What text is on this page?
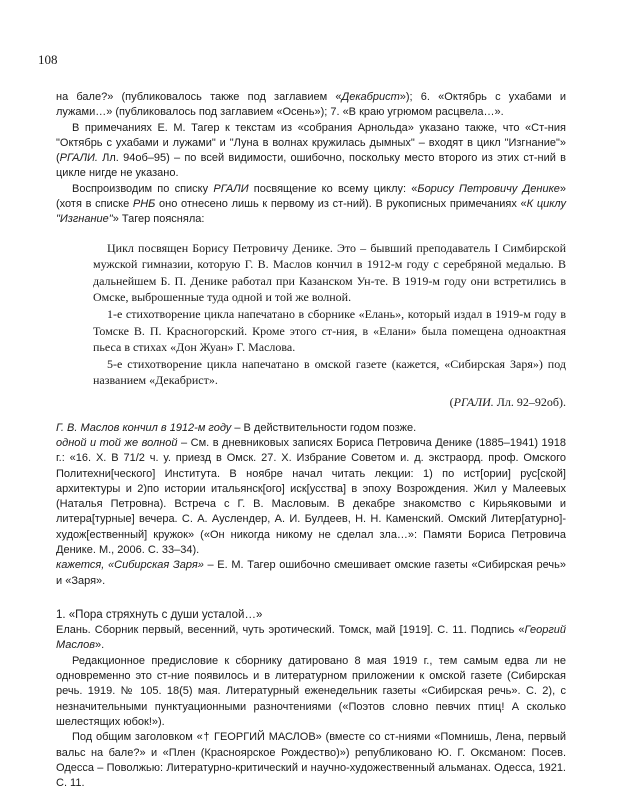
108

на бале?» (публиковалось также под заглавием «Декабрист»); 6. «Октябрь с ухабами и лужами…» (публиковалось под заглавием «Осень»); 7. «В краю угрюмом расцвела…».

В примечаниях Е. М. Тагер к текстам из «собрания Арнольда» указано также, что «Ст-ния "Октябрь с ухабами и лужами" и "Луна в волнах кружилась дымных" – входят в цикл "Изгнание"» (РГАЛИ. Лл. 94об–95) – по всей видимости, ошибочно, поскольку место второго из этих ст-ний в цикле нигде не указано.

Воспроизводим по списку РГАЛИ посвящение ко всему циклу: «Борису Петровичу Денике» (хотя в списке РНБ оно отнесено лишь к первому из ст-ний). В рукописных примечаниях «К циклу "Изгнание"» Тагер поясняла:

Цикл посвящен Борису Петровичу Денике. Это – бывший преподаватель I Симбирской мужской гимназии, которую Г. В. Маслов кончил в 1912-м году с серебряной медалью. В дальнейшем Б. П. Денике работал при Казанском Ун-те. В 1919-м году они встретились в Омске, выброшенные туда одной и той же волной.

1-е стихотворение цикла напечатано в сборнике «Елань», который издал в 1919-м году в Томске В. П. Красногорский. Кроме этого ст-ния, в «Елани» была помещена одноактная пьеса в стихах «Дон Жуан» Г. Маслова.

5-е стихотворение цикла напечатано в омской газете (кажется, «Сибирская Заря») под названием «Декабрист».

(РГАЛИ. Лл. 92–92об).

Г. В. Маслов кончил в 1912-м году – В действительности годом позже.

одной и той же волной – См. в дневниковых записях Бориса Петровича Денике (1885–1941) 1918 г.: «16. X. В 71/2 ч. у. приезд в Омск. 27. X. Избрание Советом и. д. экстраорд. проф. Омского Политехни[ческого] Института. В ноябре начал читать лекции: 1) по ист[ории] рус[ской] архитектуры и 2)по истории итальянск[ого] иск[усства] в эпоху Возрождения. Жил у Малеевых (Наталья Петровна). Встреча с Г. В. Масловым. В декабре знакомство с Кирьяковыми и литера[турные] вечера. С. А. Ауслендер, А. И. Булдеев, Н. Н. Каменский. Омский Литер[атурно]-худож[ественный] кружок» («Он никогда никому не сделал зла…»: Памяти Бориса Петровича Денике. М., 2006. С. 33–34).

кажется, «Сибирская Заря» – Е. М. Тагер ошибочно смешивает омские газеты «Сибирская речь» и «Заря».

1. «Пора стряхнуть с души усталой…»

Елань. Сборник первый, весенний, чуть эротический. Томск, май [1919]. С. 11. Подпись «Георгий Маслов».

Редакционное предисловие к сборнику датировано 8 мая 1919 г., тем самым едва ли не одновременно это ст-ние появилось и в литературном приложении к омской газете (Сибирская речь. 1919. № 105. 18(5) мая. Литературный еженедельник газеты «Сибирская речь». С. 2), с незначительными пунктуационными разночтениями («Поэтов словно певчих птиц! А сколько шелестящих юбок!»).

Под общим заголовком «† ГЕОРГИЙ МАСЛОВ» (вместе со ст-ниями «Помнишь, Лена, первый вальс на бале?» и «Плен (Красноярское Рождество)») републиковано Ю. Г. Оксманом: Посев. Одесса – Поволжью: Литературно-критический и научно-художественный альманах. Одесса, 1921. С. 11.
